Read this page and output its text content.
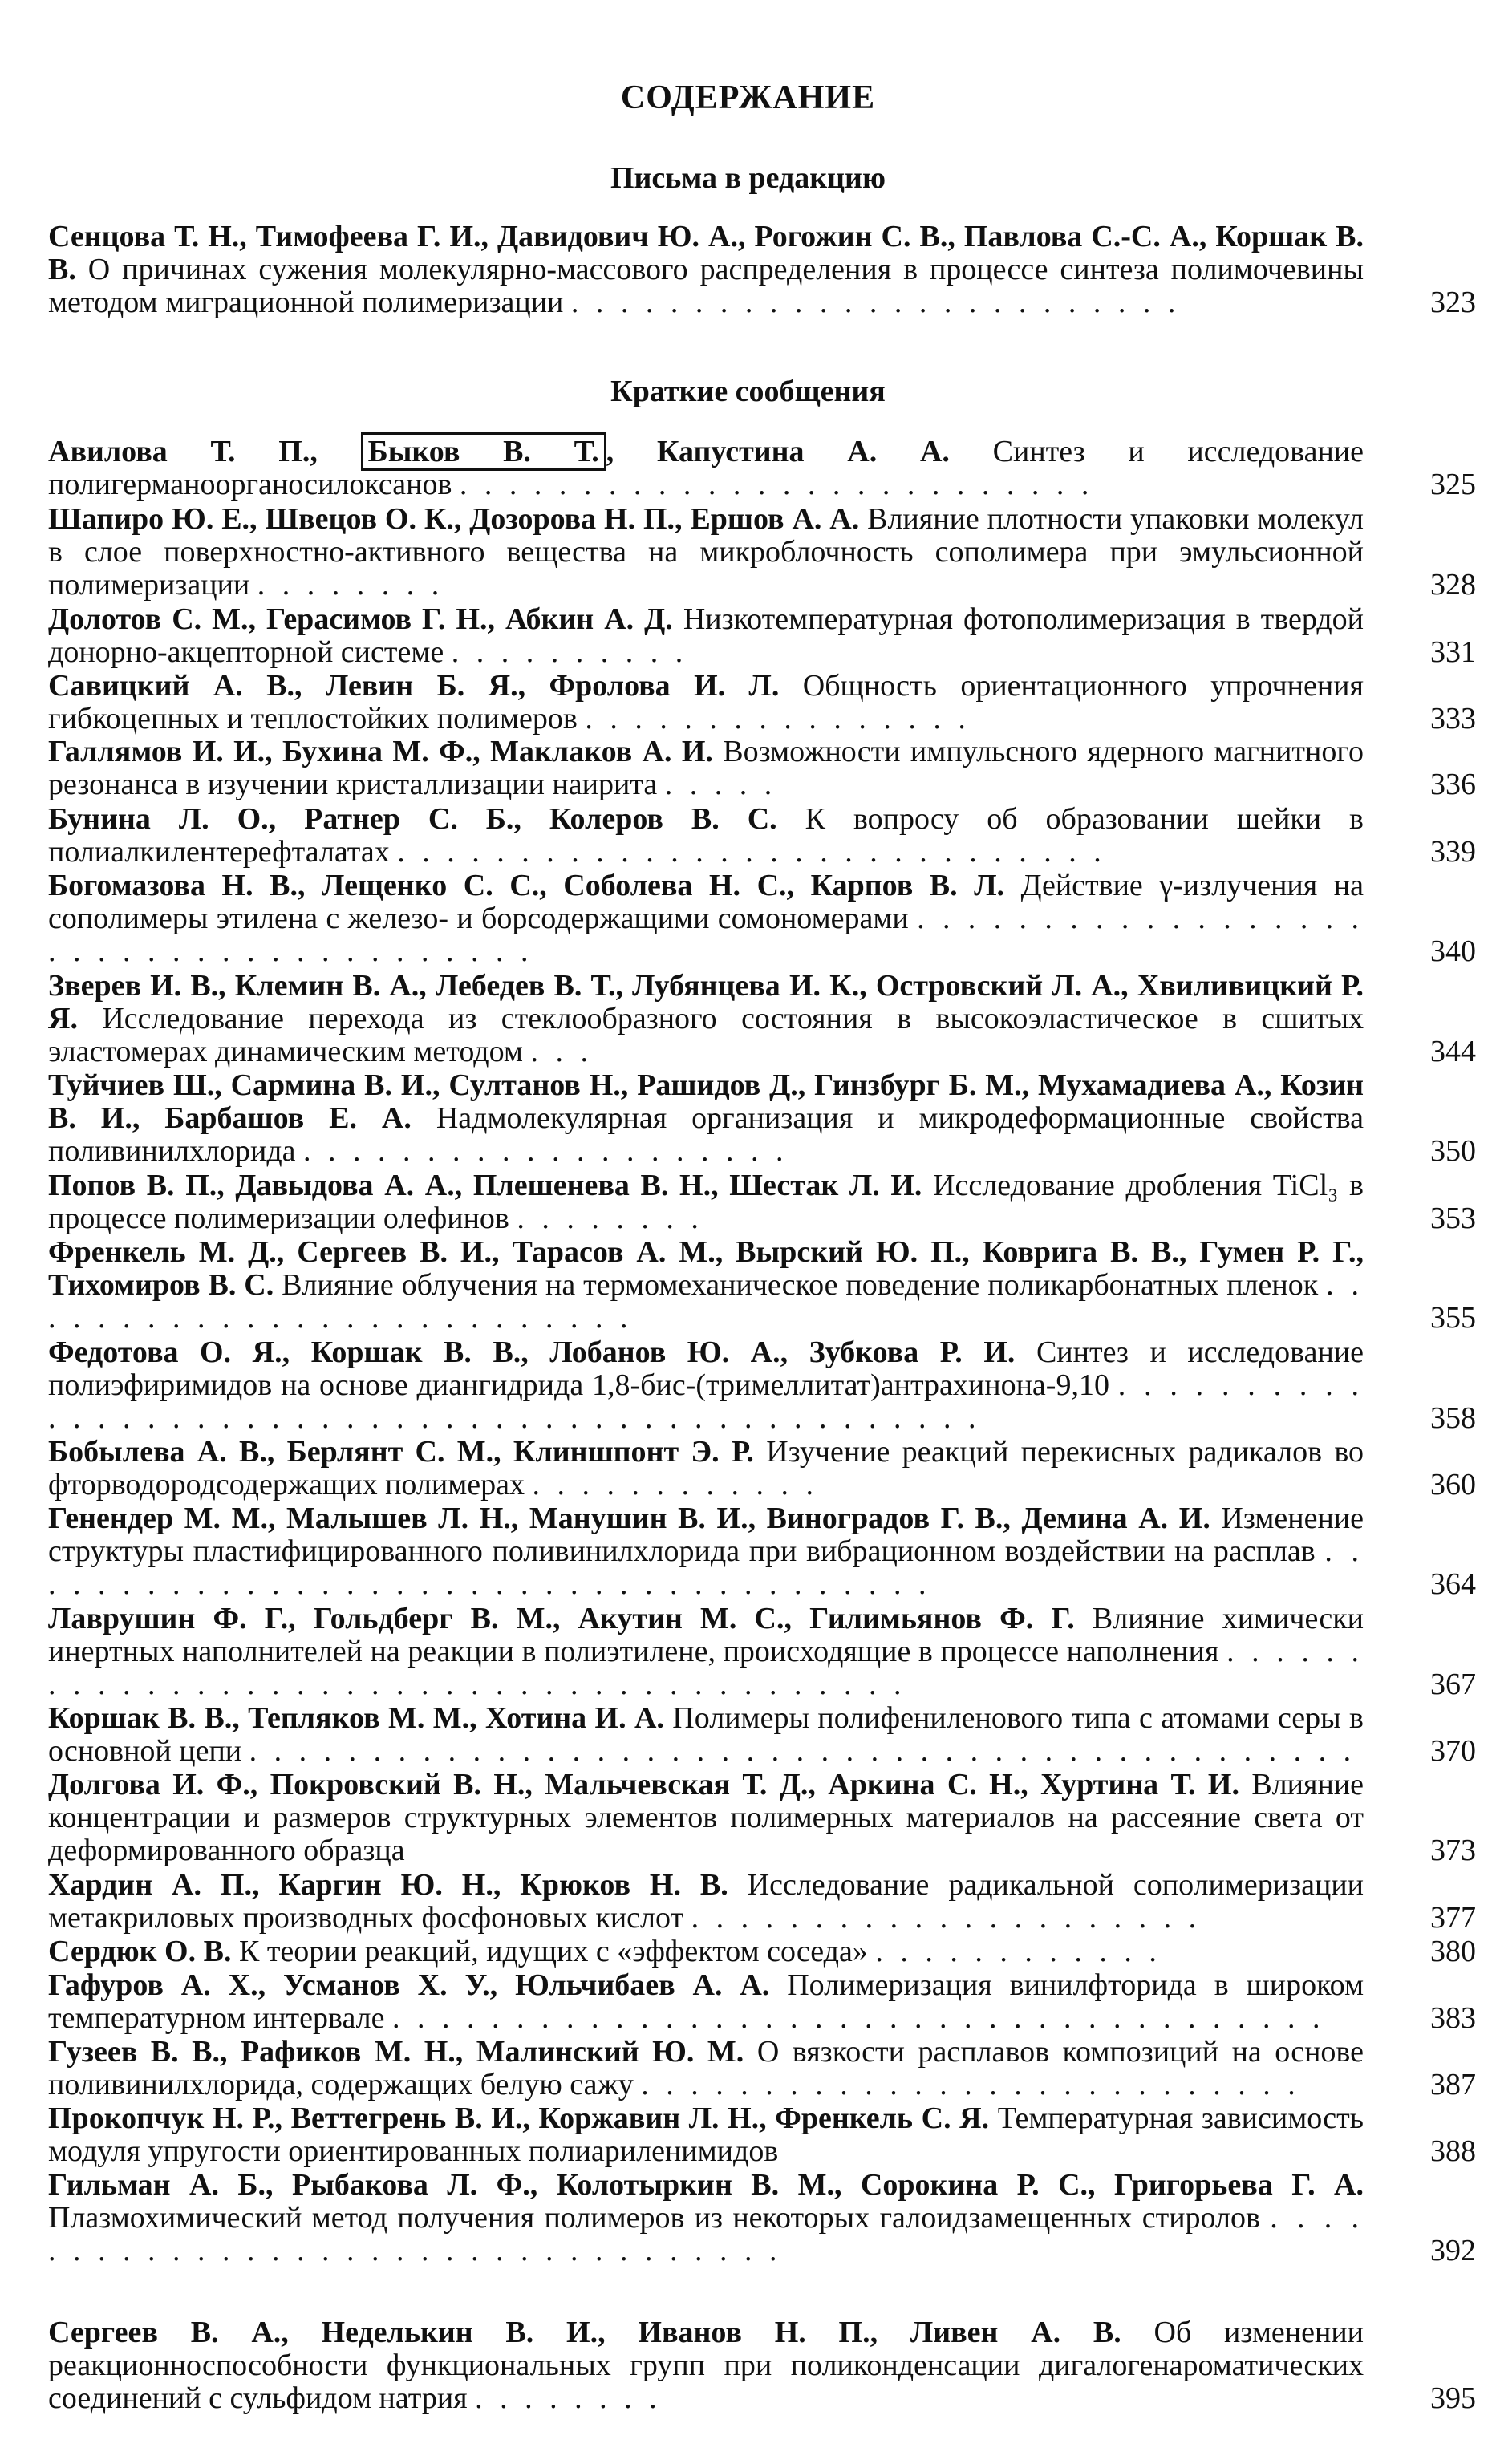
СОДЕРЖАНИЕ
Письма в редакцию
Сенцова Т. Н., Тимофеева Г. И., Давидович Ю. А., Рогожин С. В., Павлова С.-С. А., Коршак В. В. О причинах сужения молекулярно-массового распределения в процессе синтеза полимочевины методом миграционной полимеризации . . . . . . . . . . . . . . . . . . . . . . . . .	323
Краткие сообщения
Авилова Т. П., Быков В. Т. , Капустина А. А. Синтез и исследование полигерманоорганосилоксанов . . . . . . . . . . . . . . . . . . . . . . . . . .	325
Шапиро Ю. Е., Швецов О. К., Дозорова Н. П., Ершов А. А. Влияние плотности упаковки молекул в слое поверхностно-активного вещества на микроблочность сополимера при эмульсионной полимеризации . . . . . . . .	328
Долотов С. М., Герасимов Г. Н., Абкин А. Д. Низкотемпературная фотополимеризация в твердой донорно-акцепторной системе . . . . . . . . . .	331
Савицкий А. В., Левин Б. Я., Фролова И. Л. Общность ориентационного упрочнения гибкоцепных и теплостойких полимеров . . . . . . . . . . . . . . . .	333
Галлямов И. И., Бухина М. Ф., Маклаков А. И. Возможности импульсного ядерного магнитного резонанса в изучении кристаллизации наирита . . . . .	336
Бунина Л. О., Ратнер С. Б., Колеров В. С. К вопросу об образовании шейки в полиалкилентерефталатах . . . . . . . . . . . . . . . . . . . . . . . . . . . . .	339
Богомазова Н. В., Лещенко С. С., Соболева Н. С., Карпов В. Л. Действие γ-излучения на сополимеры этилена с железо- и борсодержащими сомономерами . . . . . . . . . . . . . . . . . . . . . . . . . . . . . . . . . . . . . .	340
Зверев И. В., Клемин В. А., Лебедев В. Т., Лубянцева И. К., Островский Л. А., Хвиливицкий Р. Я. Исследование перехода из стеклообразного состояния в высокоэластическое в сшитых эластомерах динамическим методом . . .	344
Туйчиев Ш., Сармина В. И., Султанов Н., Рашидов Д., Гинзбург Б. М., Мухамадиева А., Козин В. И., Барбашов Е. А. Надмолекулярная организация и микродеформационные свойства поливинилхлорида . . . . . . . . . . . . . . . . . . . .	350
Попов В. П., Давыдова А. А., Плешенева В. Н., Шестак Л. И. Исследование дробления TiCl₃ в процессе полимеризации олефинов . . . . . . . .	353
Френкель М. Д., Сергеев В. И., Тарасов А. М., Вырский Ю. П., Коврига В. В., Гумен Р. Г., Тихомиров В. С. Влияние облучения на термомеханическое поведение поликарбонатных пленок . . . . . . . . . . . . . . . . . . . . . . . . . .	355
Федотова О. Я., Коршак В. В., Лобанов Ю. А., Зубкова Р. И. Синтез и исследование полиэфиримидов на основе диангидрида 1,8-бис-(тримеллитат)антрахинона-9,10 . . . . . . . . . . . . . . . . . . . . . . . . . . . . . . . . . . . . . . . . . . . . . . . .	358
Бобылева А. В., Берлянт С. М., Клиншпонт Э. Р. Изучение реакций перекисных радикалов во фторводородсодержащих полимерах . . . . . . . . . . . .	360
Генендер М. М., Малышев Л. Н., Манушин В. И., Виноградов Г. В., Демина А. И. Изменение структуры пластифицированного поливинилхлорида при вибрационном воздействии на расплав . . . . . . . . . . . . . . . . . . . . . . . . . . . . . . . . . . . . . .	364
Лаврушин Ф. Г., Гольдберг В. М., Акутин М. С., Гилимьянов Ф. Г. Влияние химически инертных наполнителей на реакции в полиэтилене, происходящие в процессе наполнения . . . . . . . . . . . . . . . . . . . . . . . . . . . . . . . . . . . . . . . . .	367
Коршак В. В., Тепляков М. М., Хотина И. А. Полимеры полифениленового типа с атомами серы в основной цепи . . . . . . . . . . . . . . . . . . . . . . . . . . . . . . . . . . . . . . . . . . . . .	370
Долгова И. Ф., Покровский В. Н., Мальчевская Т. Д., Аркина С. Н., Хуртина Т. И. Влияние концентрации и размеров структурных элементов полимерных материалов на рассеяние света от деформированного образца	373
Хардин А. П., Каргин Ю. Н., Крюков Н. В. Исследование радикальной сополимеризации метакриловых производных фосфоновых кислот . . . . . . . . . . . . . . . . . . . . .	377
Сердюк О. В. К теории реакций, идущих с «эффектом соседа» . . . . . . . . . . . .	380
Гафуров А. Х., Усманов Х. У., Юльчибаев А. А. Полимеризация винилфторида в широком температурном интервале . . . . . . . . . . . . . . . . . . . . . . . . . . . . . . . . . . . . . .	383
Гузеев В. В., Рафиков М. Н., Малинский Ю. М. О вязкости расплавов композиций на основе поливинилхлорида, содержащих белую сажу . . . . . . . . . . . . . . . . . . . . . . . . . . .	387
Прокопчук Н. Р., Веттегрень В. И., Коржавин Л. Н., Френкель С. Я. Температурная зависимость модуля упругости ориентированных полиариленимидов	388
Гильман А. Б., Рыбакова Л. Ф., Колотыркин В. М., Сорокина Р. С., Григорьева Г. А. Плазмохимический метод получения полимеров из некоторых галоидзамещенных стиролов . . . . . . . . . . . . . . . . . . . . . . . . . . . . . . . . . .	392
Сергеев В. А., Неделькин В. И., Иванов Н. П., Ливен А. В. Об изменении реакционноспособности функциональных групп при поликонденсации дигалогенароматических соединений с сульфидом натрия . . . . . . . .	395
